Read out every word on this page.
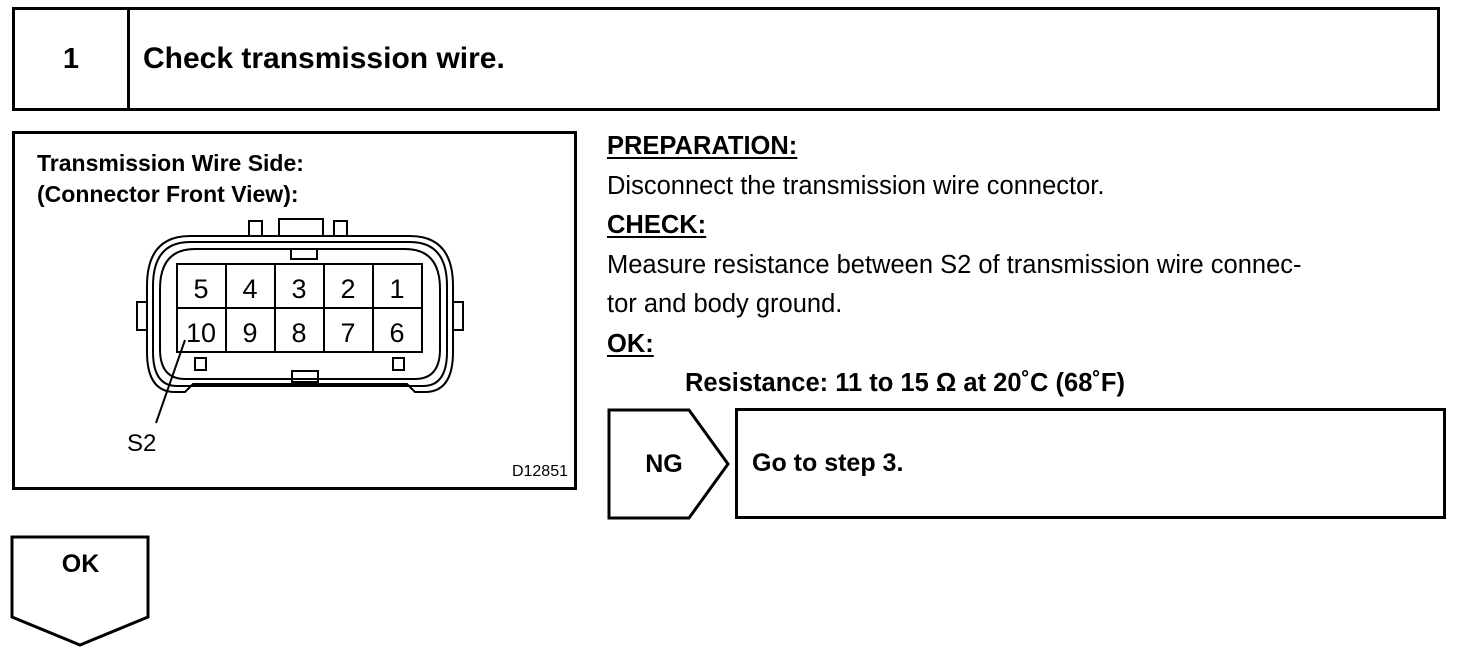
1	Check transmission wire.
Transmission Wire Side:
(Connector Front View):
5 4 3 2 1
10 9 8 7 6
S2
D12851
PREPARATION:
Disconnect the transmission wire connector.
CHECK:
Measure resistance between S2 of transmission wire connec-
tor and body ground.
OK:
Resistance: 11 to 15 Ω at 20˚C (68˚F)
NG	Go to step 3.
OK
